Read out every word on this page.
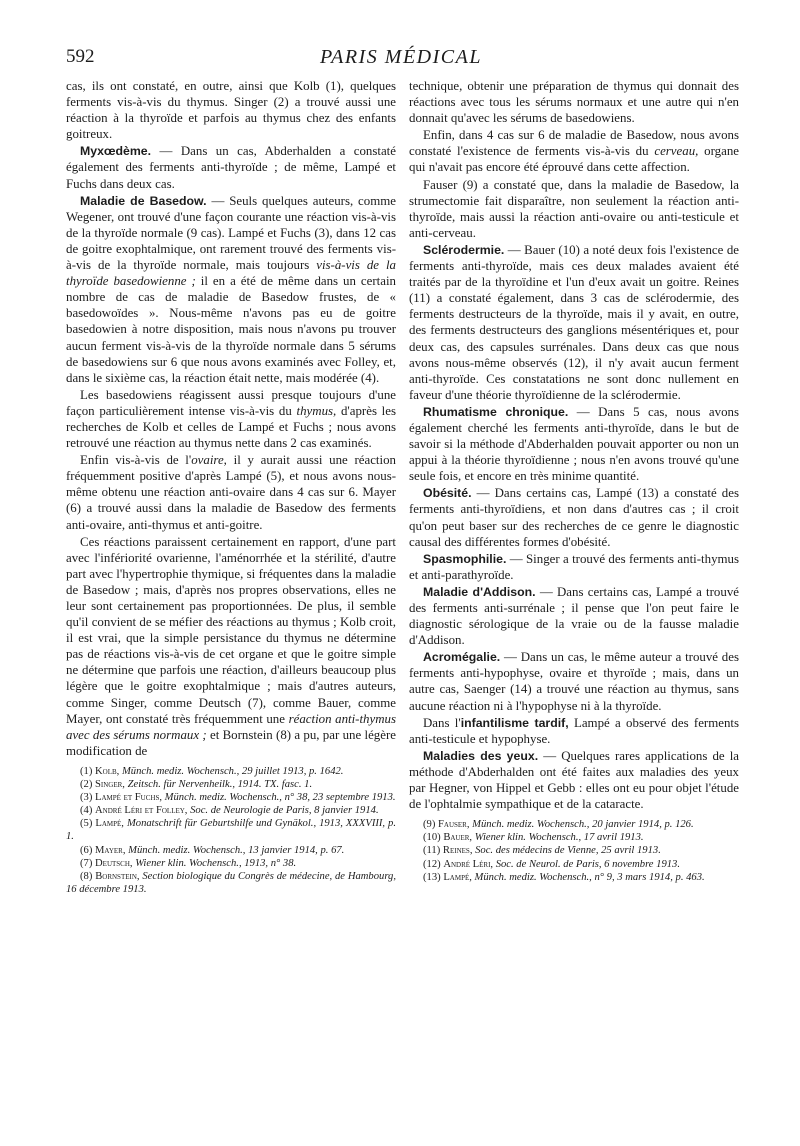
592	PARIS MÉDICAL

cas, ils ont constaté, en outre, ainsi que Kolb (1), quelques ferments vis-à-vis du thymus. Singer (2) a trouvé aussi une réaction à la thyroïde et parfois au thymus chez des enfants goitreux.

Myxœdème. — Dans un cas, Abderhalden a constaté également des ferments anti-thyroïde ; de même, Lampé et Fuchs dans deux cas.

Maladie de Basedow. — Seuls quelques auteurs, comme Wegener, ont trouvé d'une façon courante une réaction vis-à-vis de la thyroïde normale (9 cas). Lampé et Fuchs (3), dans 12 cas de goitre exophtalmique, ont rarement trouvé des ferments vis-à-vis de la thyroïde normale, mais toujours vis-à-vis de la thyroïde basedowienne ; il en a été de même dans un certain nombre de cas de maladie de Basedow frustes, de « basedowoïdes ». Nous-même n'avons pas eu de goitre basedowien à notre disposition, mais nous n'avons pu trouver aucun ferment vis-à-vis de la thyroïde normale dans 5 sérums de basedowiens sur 6 que nous avons examinés avec Folley, et, dans le sixième cas, la réaction était nette, mais modérée (4).

Les basedowiens réagissent aussi presque toujours d'une façon particulièrement intense vis-à-vis du thymus, d'après les recherches de Kolb et celles de Lampé et Fuchs ; nous avons retrouvé une réaction au thymus nette dans 2 cas examinés.

Enfin vis-à-vis de l'ovaire, il y aurait aussi une réaction fréquemment positive d'après Lampé (5), et nous avons nous-même obtenu une réaction anti-ovaire dans 4 cas sur 6. Mayer (6) a trouvé aussi dans la maladie de Basedow des ferments anti-ovaire, anti-thymus et anti-goitre.

Ces réactions paraissent certainement en rapport, d'une part avec l'infériorité ovarienne, l'aménorrhée et la stérilité, d'autre part avec l'hypertrophie thymique, si fréquentes dans la maladie de Basedow ; mais, d'après nos propres observations, elles ne leur sont certainement pas proportionnées. De plus, il semble qu'il convient de se méfier des réactions au thymus ; Kolb croit, il est vrai, que la simple persistance du thymus ne détermine pas de réactions vis-à-vis de cet organe et que le goitre simple ne détermine que parfois une réaction, d'ailleurs beaucoup plus légère que le goitre exophtalmique ; mais d'autres auteurs, comme Singer, comme Deutsch (7), comme Bauer, comme Mayer, ont constaté très fréquemment une réaction anti-thymus avec des sérums normaux ; et Bornstein (8) a pu, par une légère modification de

(1) Kolb, Münch. mediz. Wochensch., 29 juillet 1913, p. 1642.
(2) Singer, Zeitsch. für Nervenheilk., 1914. TX. fasc. 1.
(3) Lampé et Fuchs, Münch. mediz. Wochensch., n° 38, 23 septembre 1913.
(4) André Léri et Folley, Soc. de Neurologie de Paris, 8 janvier 1914.
(5) Lampé, Monatschrift für Geburtshilfe und Gynäkol., 1913, XXXVIII, p. 1.
(6) Mayer, Münch. mediz. Wochensch., 13 janvier 1914, p. 67.
(7) Deutsch, Wiener klin. Wochensch., 1913, n° 38.
(8) Bornstein, Section biologique du Congrès de médecine, de Hambourg, 16 décembre 1913.

technique, obtenir une préparation de thymus qui donnait des réactions avec tous les sérums normaux et une autre qui n'en donnait qu'avec les sérums de basedowiens.

Enfin, dans 4 cas sur 6 de maladie de Basedow, nous avons constaté l'existence de ferments vis-à-vis du cerveau, organe qui n'avait pas encore été éprouvé dans cette affection.

Fauser (9) a constaté que, dans la maladie de Basedow, la strumectomie fait disparaître, non seulement la réaction anti-thyroïde, mais aussi la réaction anti-ovaire ou anti-testicule et anti-cerveau.

Sclérodermie. — Bauer (10) a noté deux fois l'existence de ferments anti-thyroïde, mais ces deux malades avaient été traités par de la thyroïdine et l'un d'eux avait un goitre. Reines (11) a constaté également, dans 3 cas de sclérodermie, des ferments destructeurs de la thyroïde, mais il y avait, en outre, des ferments destructeurs des ganglions mésentériques et, pour deux cas, des capsules surrénales. Dans deux cas que nous avons nous-même observés (12), il n'y avait aucun ferment anti-thyroïde. Ces constatations ne sont donc nullement en faveur d'une théorie thyroïdienne de la sclérodermie.

Rhumatisme chronique. — Dans 5 cas, nous avons également cherché les ferments anti-thyroïde, dans le but de savoir si la méthode d'Abderhalden pouvait apporter ou non un appui à la théorie thyroïdienne ; nous n'en avons trouvé qu'une seule fois, et encore en très minime quantité.

Obésité. — Dans certains cas, Lampé (13) a constaté des ferments anti-thyroïdiens, et non dans d'autres cas ; il croit qu'on peut baser sur des recherches de ce genre le diagnostic causal des différentes formes d'obésité.

Spasmophilie. — Singer a trouvé des ferments anti-thymus et anti-parathyroïde.

Maladie d'Addison. — Dans certains cas, Lampé a trouvé des ferments anti-surrénale ; il pense que l'on peut faire le diagnostic sérologique de la vraie ou de la fausse maladie d'Addison.

Acromégalie. — Dans un cas, le même auteur a trouvé des ferments anti-hypophyse, ovaire et thyroïde ; mais, dans un autre cas, Saenger (14) a trouvé une réaction au thymus, sans aucune réaction ni à l'hypophyse ni à la thyroïde.

Dans l'infantilisme tardif, Lampé a observé des ferments anti-testicule et hypophyse.

Maladies des yeux. — Quelques rares applications de la méthode d'Abderhalden ont été faites aux maladies des yeux par Hegner, von Hippel et Gebb : elles ont eu pour objet l'étude de l'ophtalmie sympathique et de la cataracte.

(9) Fauser, Münch. mediz. Wochensch., 20 janvier 1914, p. 126.
(10) Bauer, Wiener klin. Wochensch., 17 avril 1913.
(11) Reines, Soc. des médecins de Vienne, 25 avril 1913.
(12) André Léri, Soc. de Neurol. de Paris, 6 novembre 1913.
(13) Lampé, Münch. mediz. Wochensch., n° 9, 3 mars 1914, p. 463.
